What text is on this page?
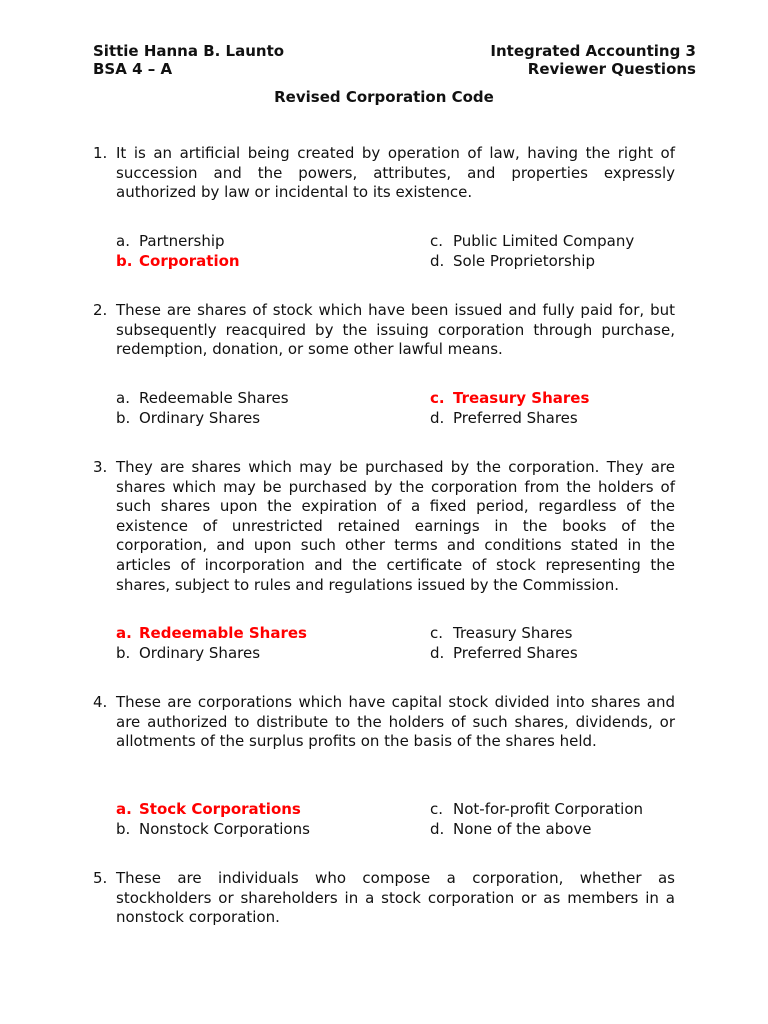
Sittie Hanna B. Launto
BSA 4 – A
Integrated Accounting 3
Reviewer Questions
Revised Corporation Code
1. It is an artificial being created by operation of law, having the right of succession and the powers, attributes, and properties expressly authorized by law or incidental to its existence.
a. Partnership	c. Public Limited Company
b. Corporation	d. Sole Proprietorship
2. These are shares of stock which have been issued and fully paid for, but subsequently reacquired by the issuing corporation through purchase, redemption, donation, or some other lawful means.
a. Redeemable Shares	c. Treasury Shares
b. Ordinary Shares	d. Preferred Shares
3. They are shares which may be purchased by the corporation. They are shares which may be purchased by the corporation from the holders of such shares upon the expiration of a fixed period, regardless of the existence of unrestricted retained earnings in the books of the corporation, and upon such other terms and conditions stated in the articles of incorporation and the certificate of stock representing the shares, subject to rules and regulations issued by the Commission.
a. Redeemable Shares	c. Treasury Shares
b. Ordinary Shares	d. Preferred Shares
4. These are corporations which have capital stock divided into shares and are authorized to distribute to the holders of such shares, dividends, or allotments of the surplus profits on the basis of the shares held.
a. Stock Corporations	c. Not-for-profit Corporation
b. Nonstock Corporations	d. None of the above
5. These are individuals who compose a corporation, whether as stockholders or shareholders in a stock corporation or as members in a nonstock corporation.
